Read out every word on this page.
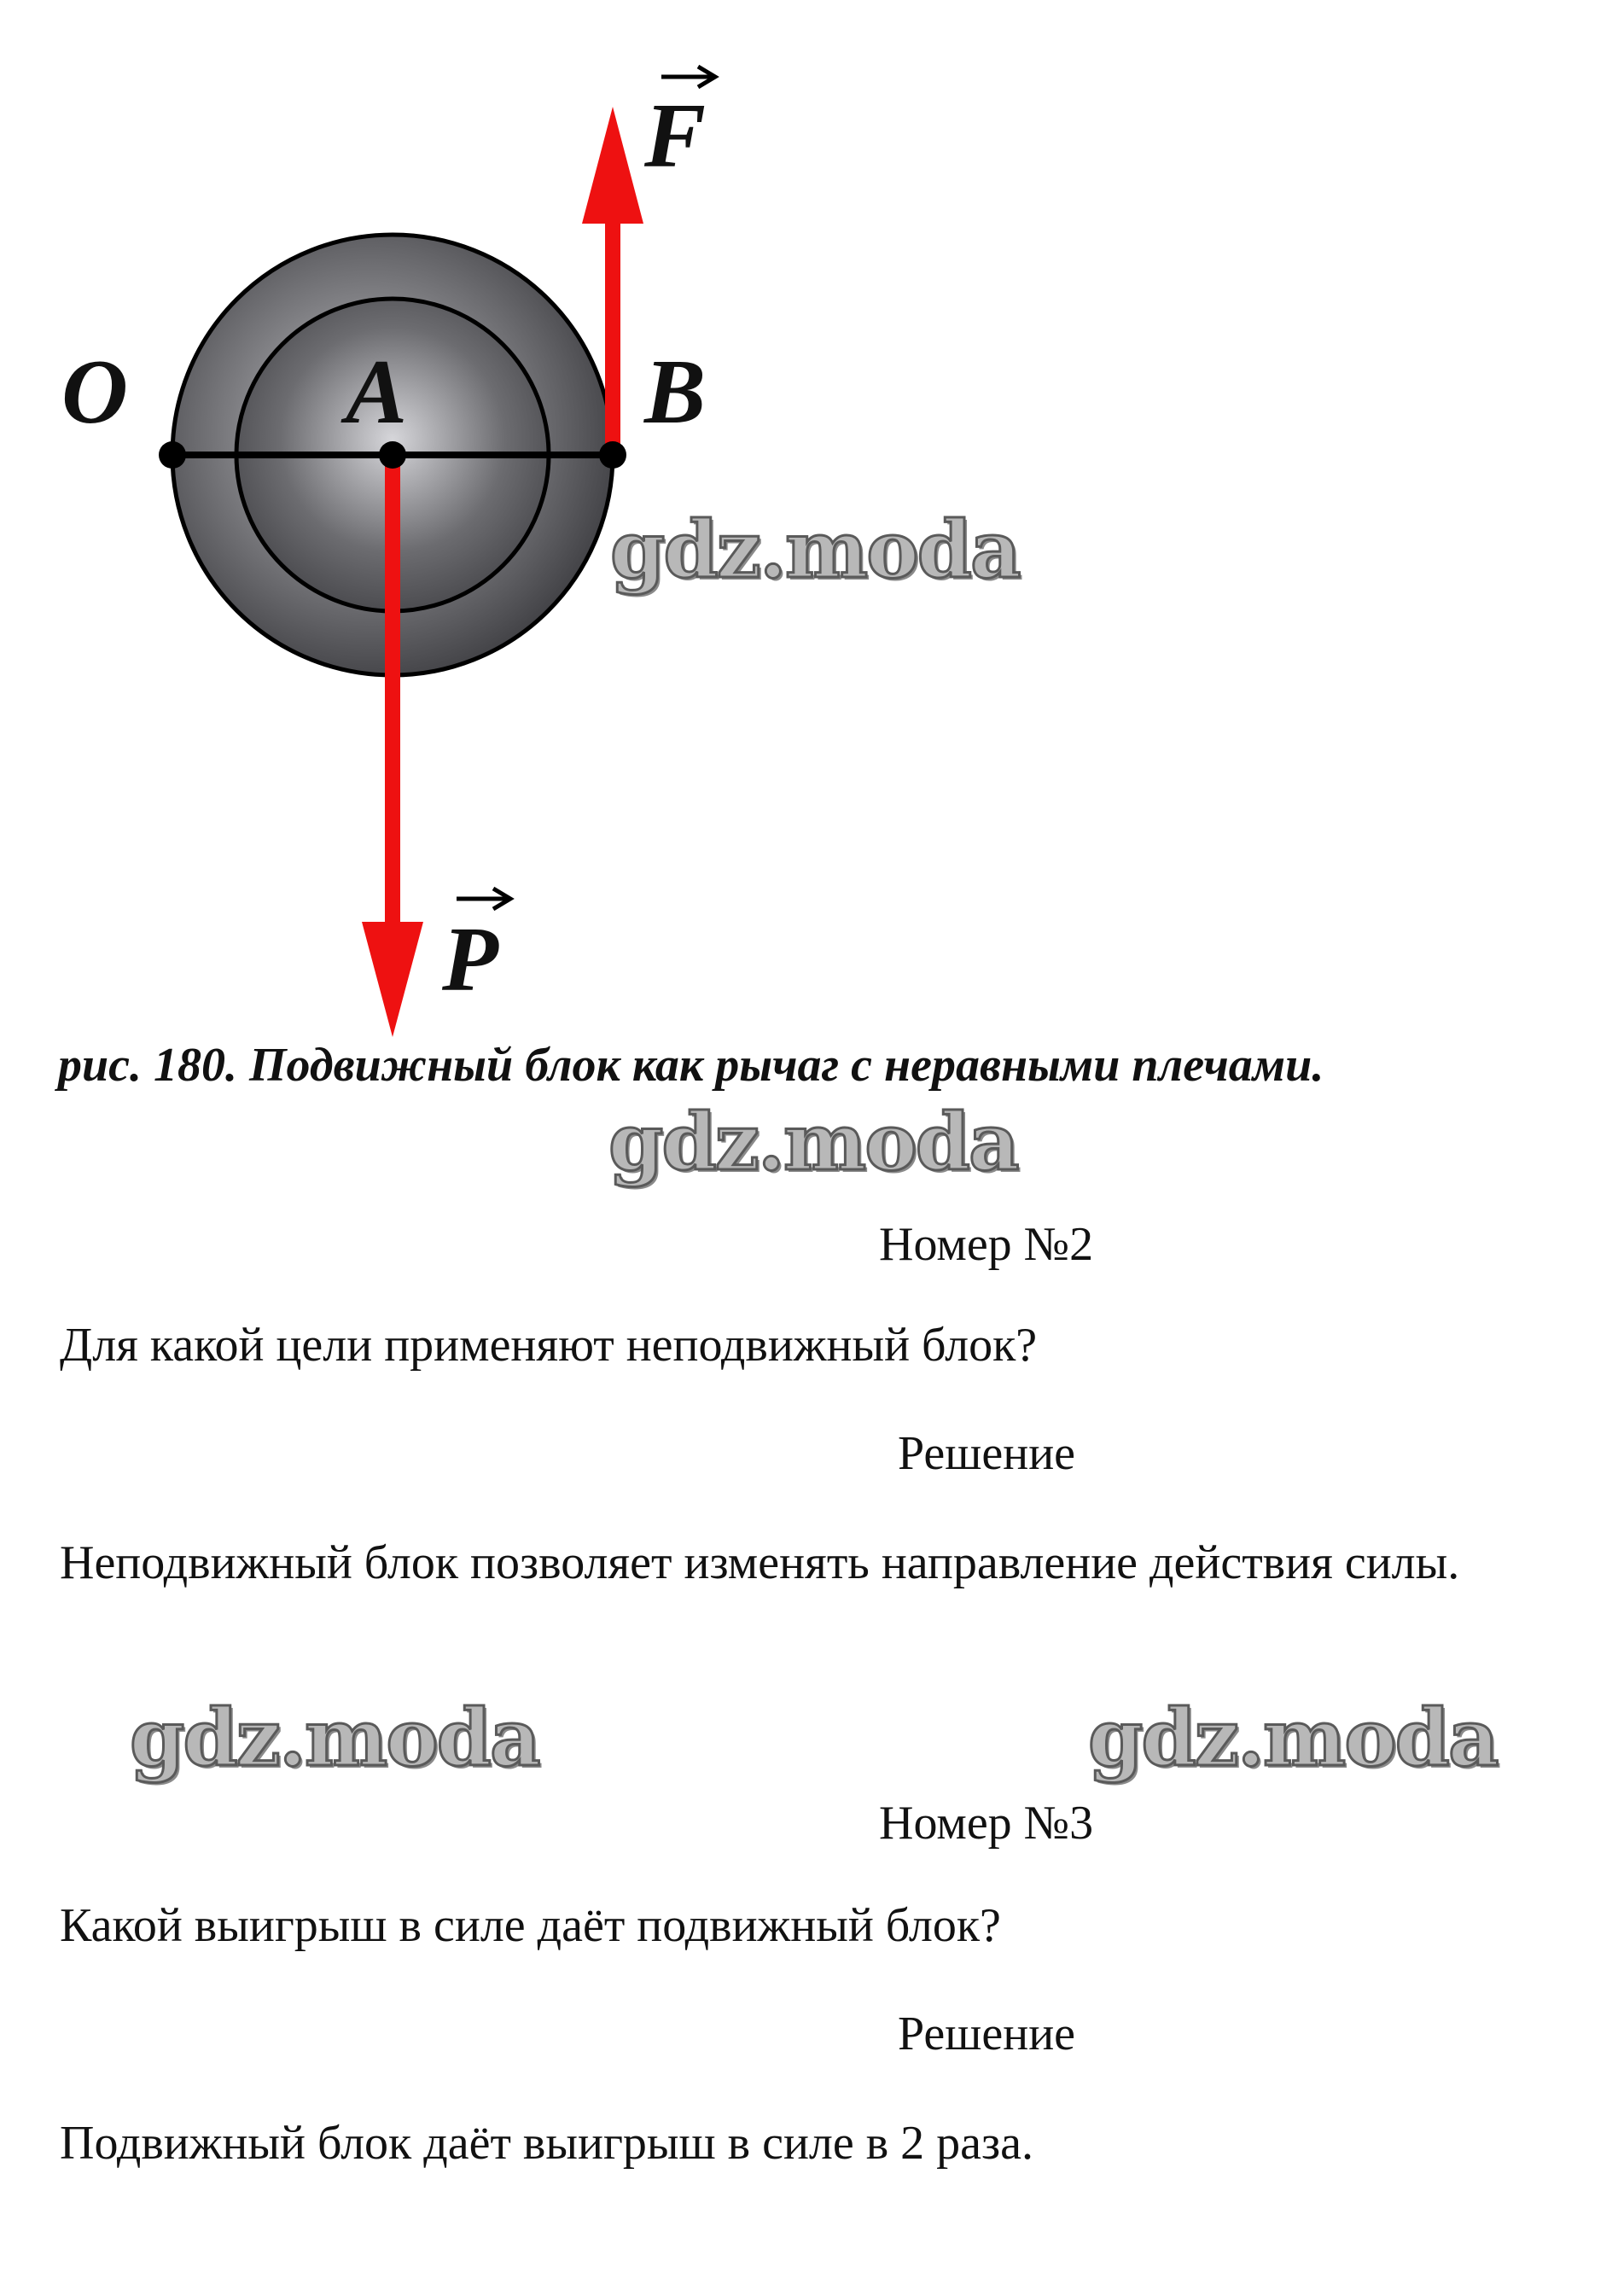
O A	B
F
P
gdz.moda
рис. 180. Подвижный блок как рычаг с неравными плечами.
gdz.moda
Номер №2
Для какой цели применяют неподвижный блок?
Решение
Неподвижный блок позволяет изменять направление действия силы.
gdz.moda	gdz.moda
Номер №3
Какой выигрыш в силе даёт подвижный блок?
Решение
Подвижный блок даёт выигрыш в силе в 2 раза.
